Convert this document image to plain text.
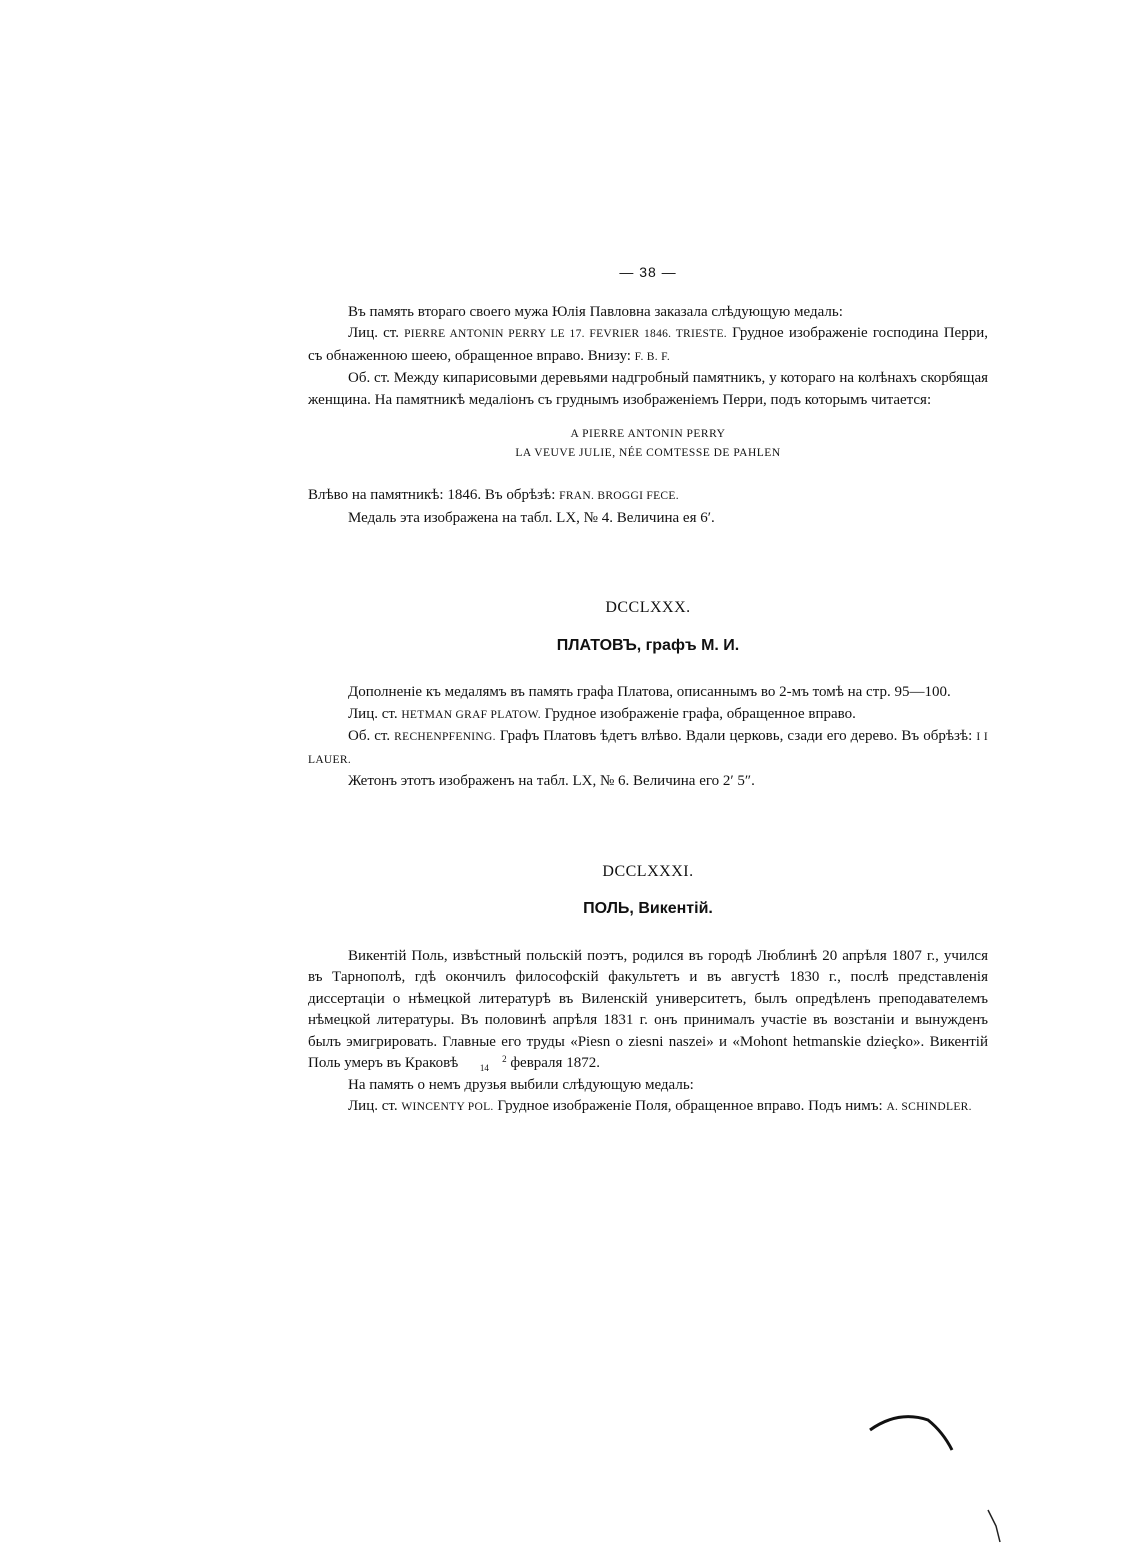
— 38 —

Въ память втораго своего мужа Юлія Павловна заказала слѣдующую медаль:

Лиц. ст. PIERRE ANTONIN PERRY LE 17. FEVRIER 1846. TRIESTE. Грудное изображеніе господина Перри, съ обнаженною шеею, обращенное вправо. Внизу: F. B. F.

Об. ст. Между кипарисовыми деревьями надгробный памятникъ, у котораго на колѣнахъ скорбящая женщина. На памятникѣ медаліонъ съ груднымъ изображеніемъ Перри, подъ которымъ читается:

A PIERRE ANTONIN PERRY
LA VEUVE JULIE, NÉE COMTESSE DE PAHLEN

Влѣво на памятникѣ: 1846. Въ обрѣзѣ: FRAN. BROGGI FECE.

Медаль эта изображена на табл. LX, № 4. Величина ея 6′.

DCCLXXX.
ПЛАТОВЪ, графъ М. И.

Дополненіе къ медалямъ въ память графа Платова, описаннымъ во 2-мъ томѣ на стр. 95—100.

Лиц. ст. HETMAN GRAF PLATOW. Грудное изображеніе графа, обращенное вправо.

Об. ст. RECHENPFENING. Графъ Платовъ ѣдетъ влѣво. Вдали церковь, сзади его дерево. Въ обрѣзѣ: I I LAUER.

Жетонъ этотъ изображенъ на табл. LX, № 6. Величина его 2′ 5″.

DCCLXXXI.
ПОЛЬ, Викентій.

Викентій Поль, извѣстный польскій поэтъ, родился въ городѣ Люблинѣ 20 апрѣля 1807 г., учился въ Тарнополѣ, гдѣ окончилъ философскій факультетъ и въ августѣ 1830 г., послѣ представленія диссертаціи о нѣмецкой литературѣ въ Виленскій университетъ, былъ опредѣленъ преподавателемъ нѣмецкой литературы. Въ половинѣ апрѣля 1831 г. онъ принималъ участіе въ возстаніи и вынужденъ былъ эмигрировать. Главные его труды «Piesn o ziesni naszei» и «Mohont hetmanskie dzieçko». Викентій Поль умеръ въ Краковѣ	2
14 февраля 1872.

На память о немъ друзья выбили слѣдующую медаль:

Лиц. ст. WINCENTY POL. Грудное изображеніе Поля, обращенное вправо. Подъ нимъ: A. SCHINDLER.
